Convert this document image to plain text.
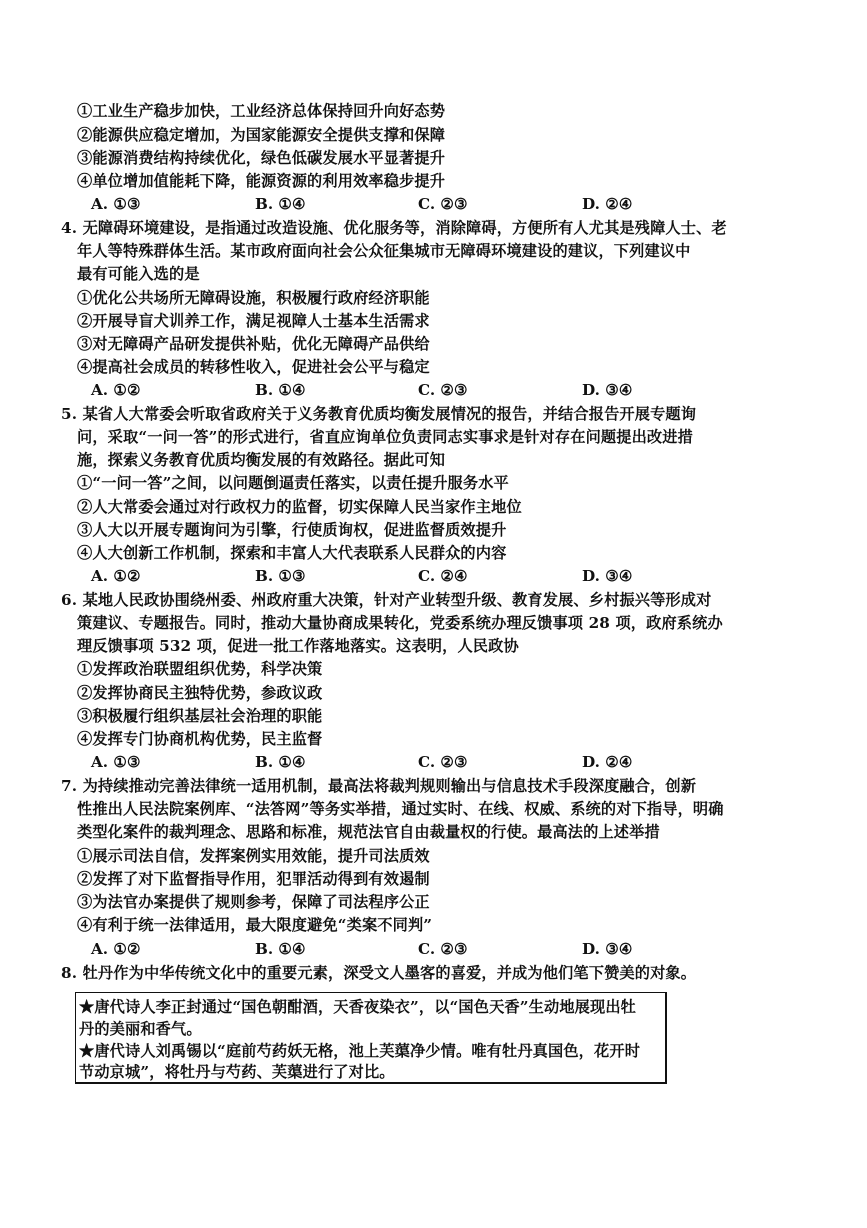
①工业生产稳步加快，工业经济总体保持回升向好态势
②能源供应稳定增加，为国家能源安全提供支撑和保障
③能源消费结构持续优化，绿色低碳发展水平显著提升
④单位增加值能耗下降，能源资源的利用效率稳步提升
A. ①③	B. ①④	C. ②③	D. ②④
4. 无障碍环境建设，是指通过改造设施、优化服务等，消除障碍，方便所有人尤其是残障人士、老
年人等特殊群体生活。某市政府面向社会公众征集城市无障碍环境建设的建议，下列建议中
最有可能入选的是
①优化公共场所无障碍设施，积极履行政府经济职能
②开展导盲犬训养工作，满足视障人士基本生活需求
③对无障碍产品研发提供补贴，优化无障碍产品供给
④提高社会成员的转移性收入，促进社会公平与稳定
A. ①②	B. ①④	C. ②③	D. ③④
5. 某省人大常委会听取省政府关于义务教育优质均衡发展情况的报告，并结合报告开展专题询
问，采取“一问一答”的形式进行，省直应询单位负责同志实事求是针对存在问题提出改进措
施，探索义务教育优质均衡发展的有效路径。据此可知
①“一问一答”之间，以问题倒逼责任落实，以责任提升服务水平
②人大常委会通过对行政权力的监督，切实保障人民当家作主地位
③人大以开展专题询问为引擎，行使质询权，促进监督质效提升
④人大创新工作机制，探索和丰富人大代表联系人民群众的内容
A. ①②	B. ①③	C. ②④	D. ③④
6. 某地人民政协围绕州委、州政府重大决策，针对产业转型升级、教育发展、乡村振兴等形成对
策建议、专题报告。同时，推动大量协商成果转化，党委系统办理反馈事项 28 项，政府系统办
理反馈事项 532 项，促进一批工作落地落实。这表明，人民政协
①发挥政治联盟组织优势，科学决策
②发挥协商民主独特优势，参政议政
③积极履行组织基层社会治理的职能
④发挥专门协商机构优势，民主监督
A. ①③	B. ①④	C. ②③	D. ②④
7. 为持续推动完善法律统一适用机制，最高法将裁判规则输出与信息技术手段深度融合，创新
性推出人民法院案例库、“法答网”等务实举措，通过实时、在线、权威、系统的对下指导，明确
类型化案件的裁判理念、思路和标准，规范法官自由裁量权的行使。最高法的上述举措
①展示司法自信，发挥案例实用效能，提升司法质效
②发挥了对下监督指导作用，犯罪活动得到有效遏制
③为法官办案提供了规则参考，保障了司法程序公正
④有利于统一法律适用，最大限度避免“类案不同判”
A. ①②	B. ①④	C. ②③	D. ③④
8. 牡丹作为中华传统文化中的重要元素，深受文人墨客的喜爱，并成为他们笔下赞美的对象。
★唐代诗人李正封通过“国色朝酣酒，天香夜染衣”，以“国色天香”生动地展现出牡
丹的美丽和香气。
★唐代诗人刘禹锡以“庭前芍药妖无格，池上芙蕖净少情。唯有牡丹真国色，花开时
节动京城”，将牡丹与芍药、芙蕖进行了对比。
